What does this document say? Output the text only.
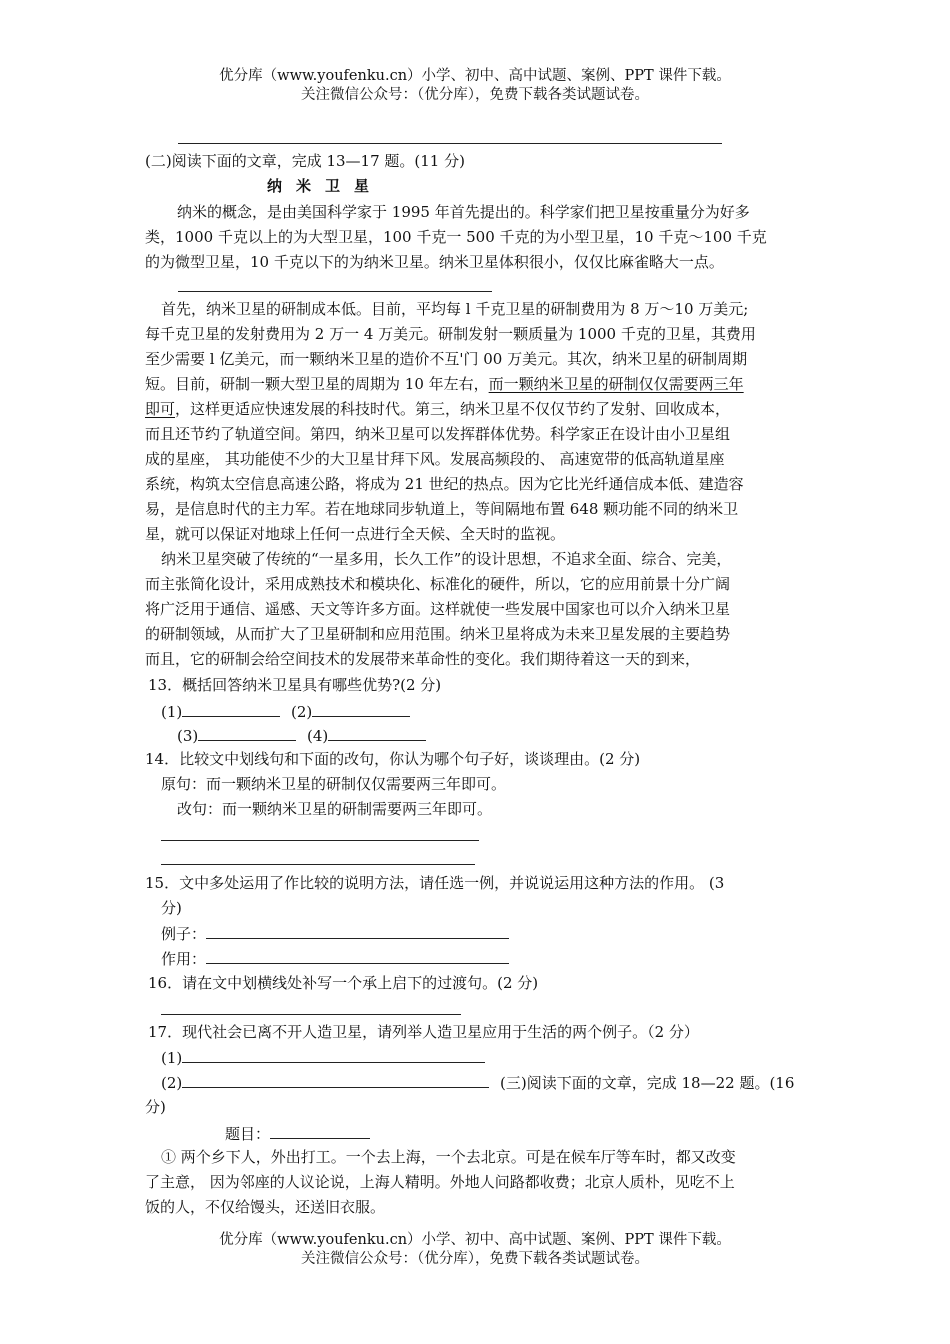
优分库（www.youfenku.cn）小学、初中、高中试题、案例、PPT 课件下载。
关注微信公众号：（优分库），免费下载各类试题试卷。
(二)阅读下面的文章，完成 13—17 题。(11 分)
纳米卫星
纳米的概念，是由美国科学家于 1995 年首先提出的。科学家们把卫星按重量分为好多
类，1000 千克以上的为大型卫星，100 千克一 500 千克的为小型卫星，10 千克～100 千克
的为微型卫星，10 千克以下的为纳米卫星。纳米卫星体积很小，仅仅比麻雀略大一点。
首先，纳米卫星的研制成本低。目前，平均每 l 千克卫星的研制费用为 8 万～10 万美元;
每千克卫星的发射费用为 2 万一 4 万美元。研制发射一颗质量为 1000 千克的卫星，其费用
至少需要 l 亿美元，而一颗纳米卫星的造价不互'门 00 万美元。其次，纳米卫星的研制周期
短。目前，研制一颗大型卫星的周期为 10 年左右，而一颗纳米卫星的研制仅仅需要两三年
即可，这样更适应快速发展的科技时代。第三，纳米卫星不仅仅节约了发射、回收成本，
而且还节约了轨道空间。第四，纳米卫星可以发挥群体优势。科学家正在设计由小卫星组
成的星座， 其功能使不少的大卫星甘拜下风。发展高频段的、 高速宽带的低高轨道星座
系统，构筑太空信息高速公路，将成为 21 世纪的热点。因为它比光纤通信成本低、建造容
易，是信息时代的主力军。若在地球同步轨道上，等间隔地布置 648 颗功能不同的纳米卫
星，就可以保证对地球上任何一点进行全天候、全天时的监视。
纳米卫星突破了传统的“一星多用，长久工作”的设计思想，不追求全面、综合、完美，
而主张简化设计，采用成熟技术和模块化、标准化的硬件，所以，它的应用前景十分广阔
将广泛用于通信、遥感、天文等许多方面。这样就使一些发展中国家也可以介入纳米卫星
的研制领域，从而扩大了卫星研制和应用范围。纳米卫星将成为未来卫星发展的主要趋势
而且，它的研制会给空间技术的发展带来革命性的变化。我们期待着这一天的到来，
13．概括回答纳米卫星具有哪些优势?(2 分)
(1)	(2)
(3)	(4)
14．比较文中划线句和下面的改句，你认为哪个句子好，谈谈理由。(2 分)
原句：而一颗纳米卫星的研制仅仅需要两三年即可。
改句：而一颗纳米卫星的研制需要两三年即可。
15．文中多处运用了作比较的说明方法，请任选一例，并说说运用这种方法的作用。 (3
分)
例子：
作用：
16．请在文中划横线处补写一个承上启下的过渡句。(2 分)
17．现代社会已离不开人造卫星，请列举人造卫星应用于生活的两个例子。（2 分）
(1)
(2)	(三)阅读下面的文章，完成 18—22 题。(16
分)
题目：
① 两个乡下人，外出打工。一个去上海，一个去北京。可是在候车厅等车时，都又改变
了主意， 因为邻座的人议论说，上海人精明。外地人问路都收费；北京人质朴，见吃不上
饭的人，不仅给馒头，还送旧衣服。
优分库（www.youfenku.cn）小学、初中、高中试题、案例、PPT 课件下载。
关注微信公众号：（优分库），免费下载各类试题试卷。
